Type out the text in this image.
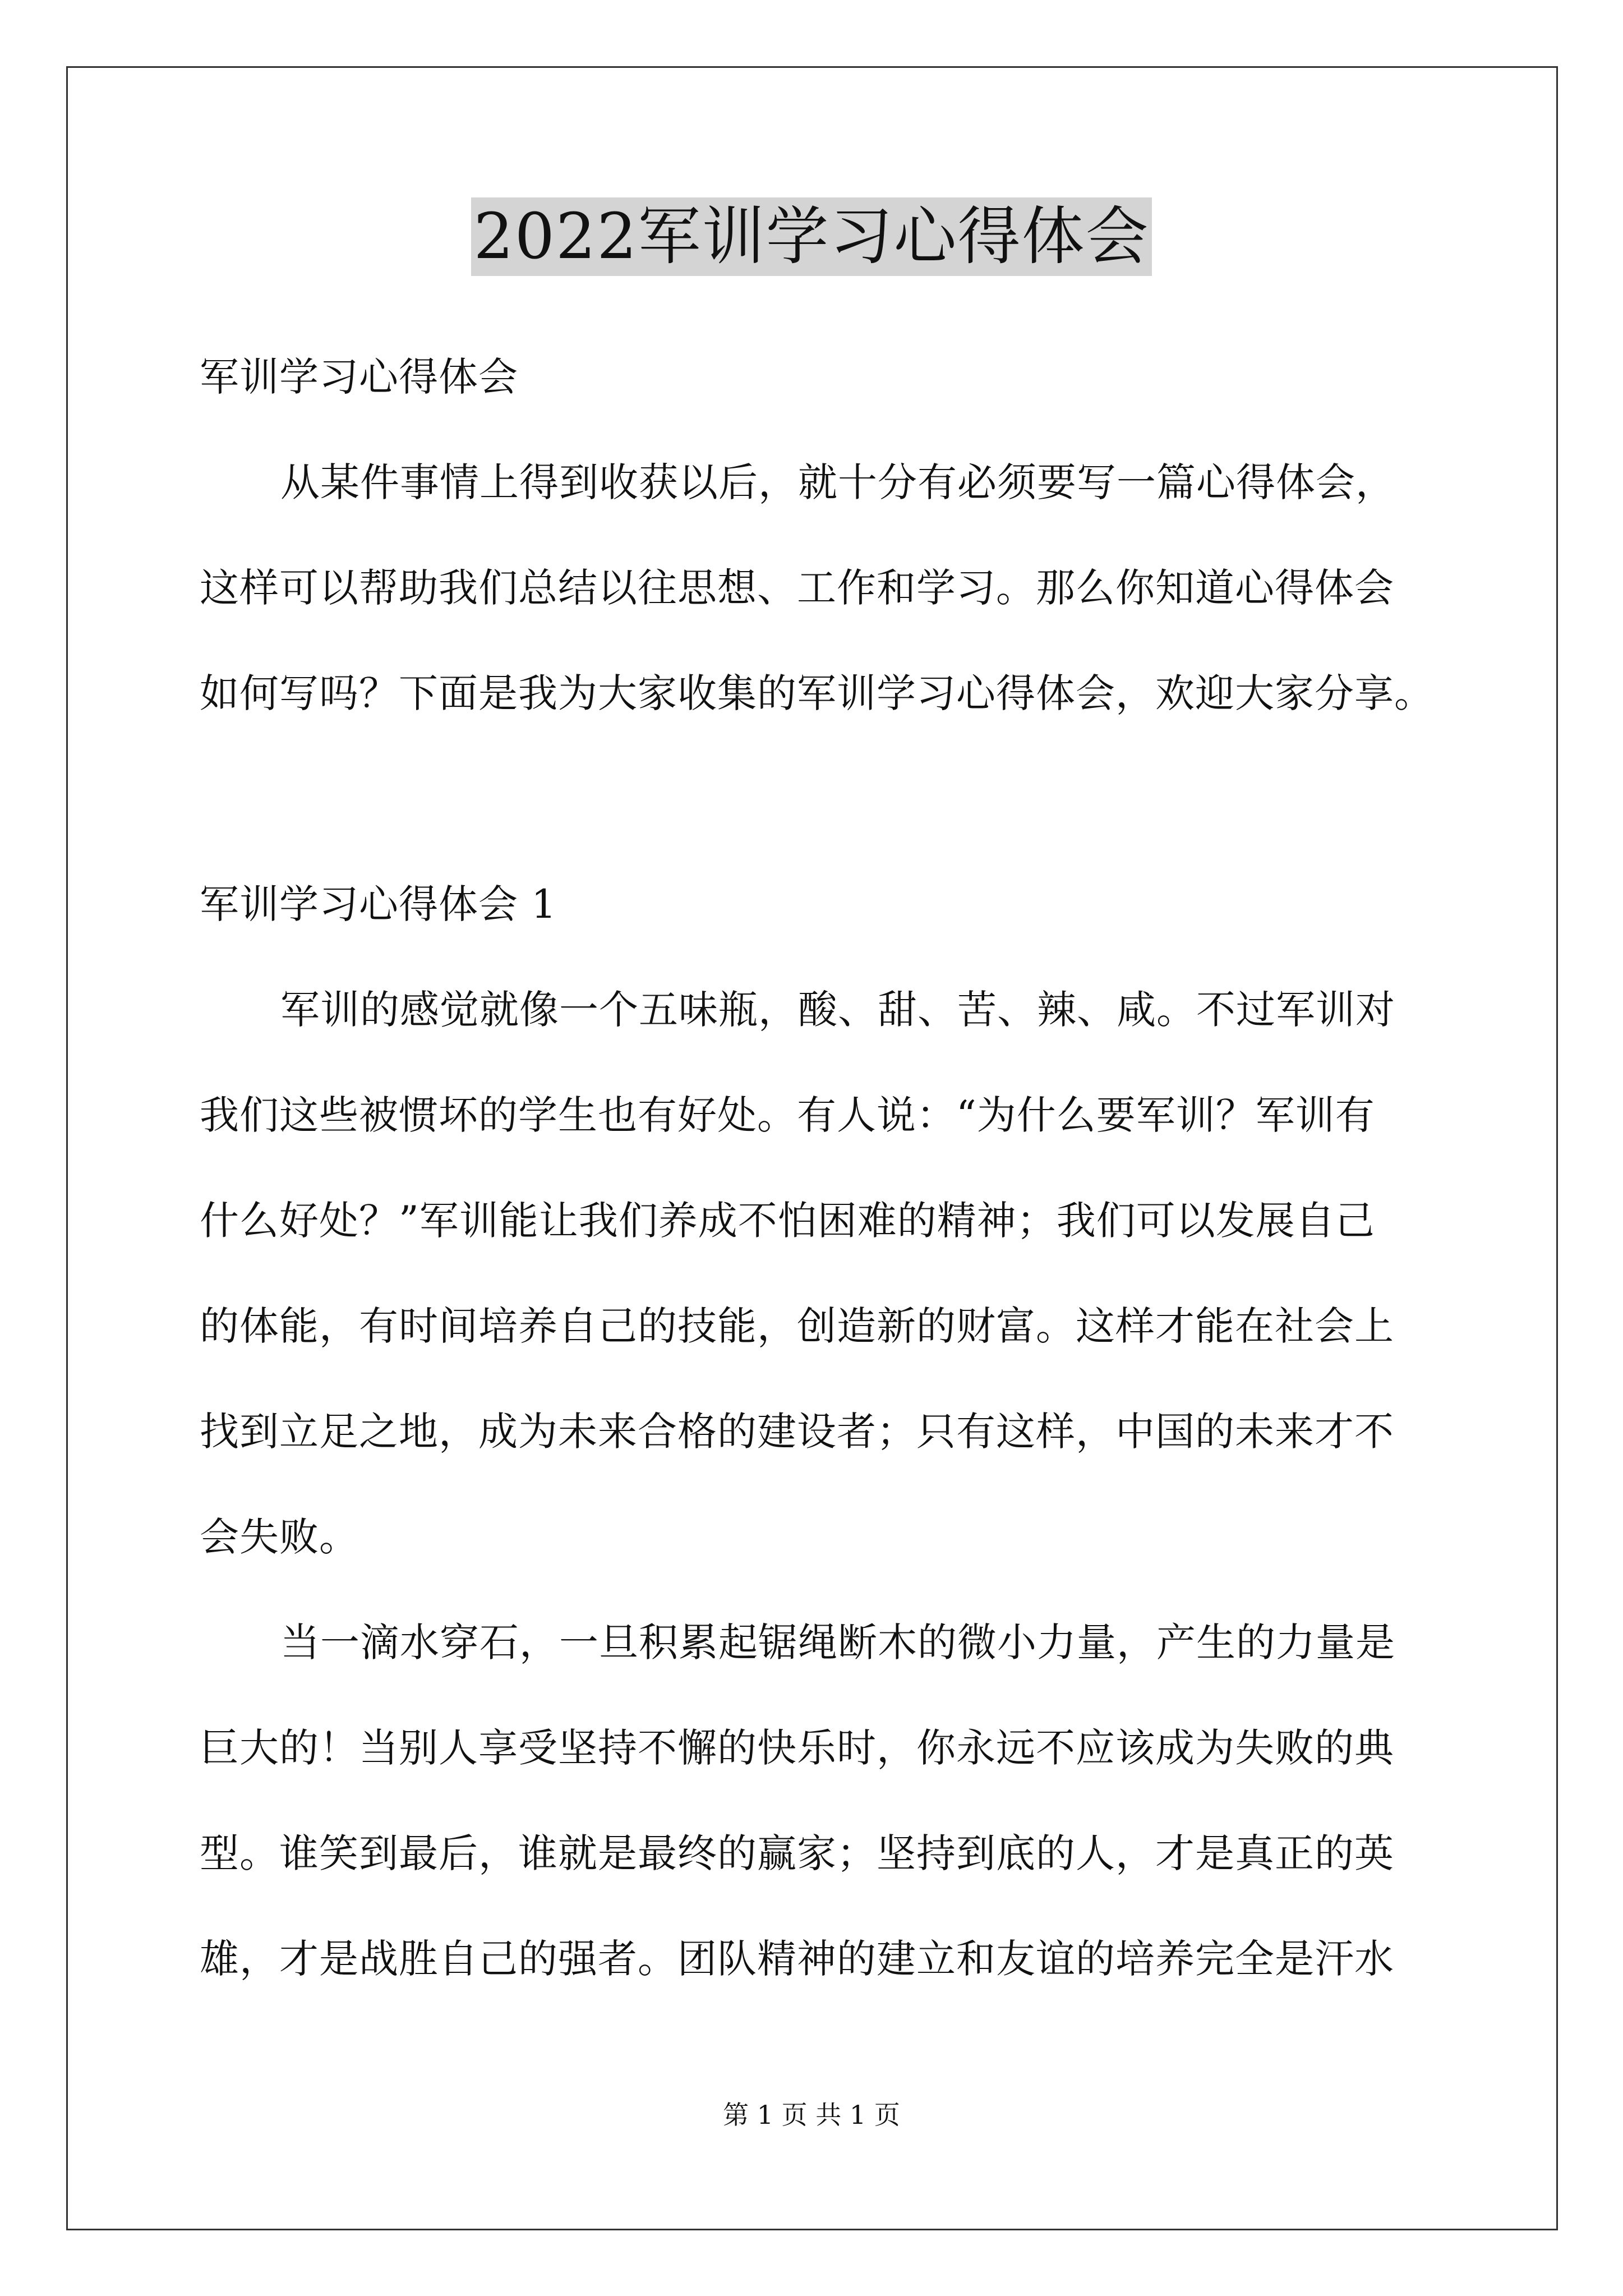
2022军训学习心得体会
军训学习心得体会
从某件事情上得到收获以后，就十分有必须要写一篇心得体会，
这样可以帮助我们总结以往思想、工作和学习。那么你知道心得体会
如何写吗？下面是我为大家收集的军训学习心得体会，欢迎大家分享。
军训学习心得体会 1
军训的感觉就像一个五味瓶，酸、甜、苦、辣、咸。不过军训对
我们这些被惯坏的学生也有好处。有人说：“为什么要军训？军训有
什么好处？”军训能让我们养成不怕困难的精神；我们可以发展自己
的体能，有时间培养自己的技能，创造新的财富。这样才能在社会上
找到立足之地，成为未来合格的建设者；只有这样，中国的未来才不
会失败。
当一滴水穿石，一旦积累起锯绳断木的微小力量，产生的力量是
巨大的！当别人享受坚持不懈的快乐时，你永远不应该成为失败的典
型。谁笑到最后，谁就是最终的赢家；坚持到底的人，才是真正的英
雄，才是战胜自己的强者。团队精神的建立和友谊的培养完全是汗水
第 1 页 共 1 页
